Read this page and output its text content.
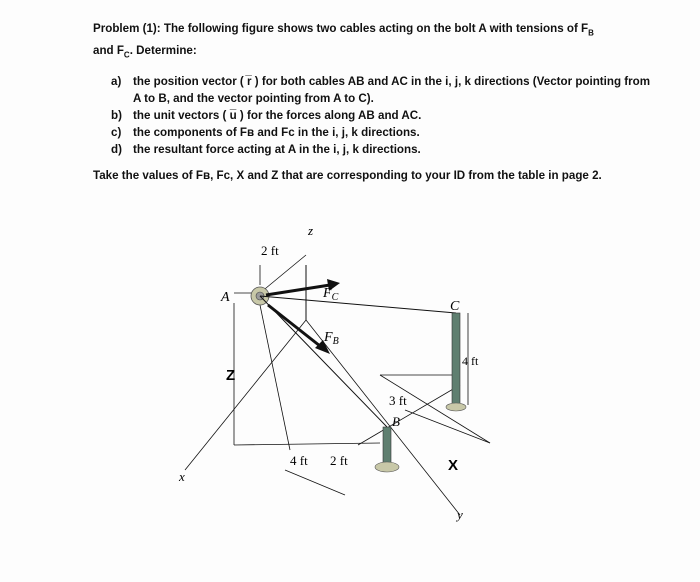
Problem (1): The following figure shows two cables acting on the bolt A with tensions of $F_B$
and $F_C$. Determine:
a)	the position vector ( r̅ ) for both cables AB and AC in the i, j, k directions (Vector pointing from A to B, and the vector pointing from A to C).
b) the unit vectors ( u̅ ) for the forces along AB and AC.
c)	the components of Fʙ and Fᴄ in the i, j, k directions.
d) the resultant force acting at A in the i, j, k directions.
Take the values of Fʙ, Fᴄ, X and Z that are corresponding to your ID from the table in page 2.
z
x
y
2 ft
A	$F_C$
$F_B$
C
4 ft
B
3 ft
4 ft 2 ft
Z
X
